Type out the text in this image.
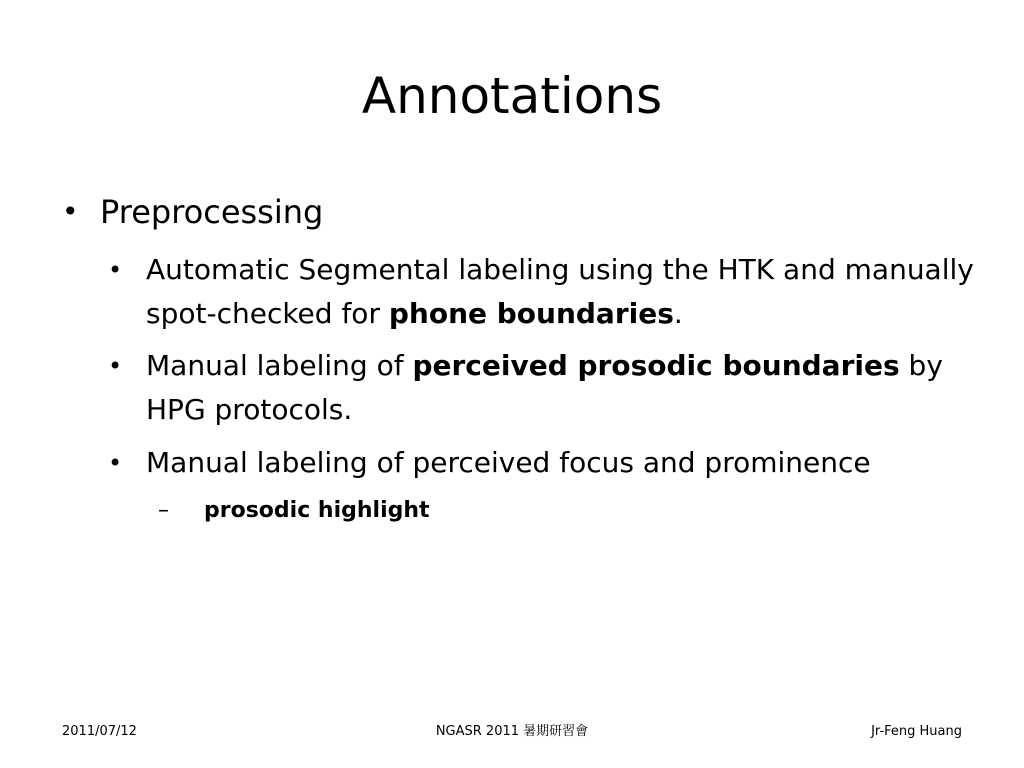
Annotations
• Preprocessing
• Automatic Segmental labeling using the HTK and manually spot-checked for phone boundaries.
• Manual labeling of perceived prosodic boundaries by HPG protocols.
• Manual labeling of perceived focus and prominence
– prosodic highlight
2011/07/12	NGASR 2011 暑期研習會	Jr-Feng Huang
